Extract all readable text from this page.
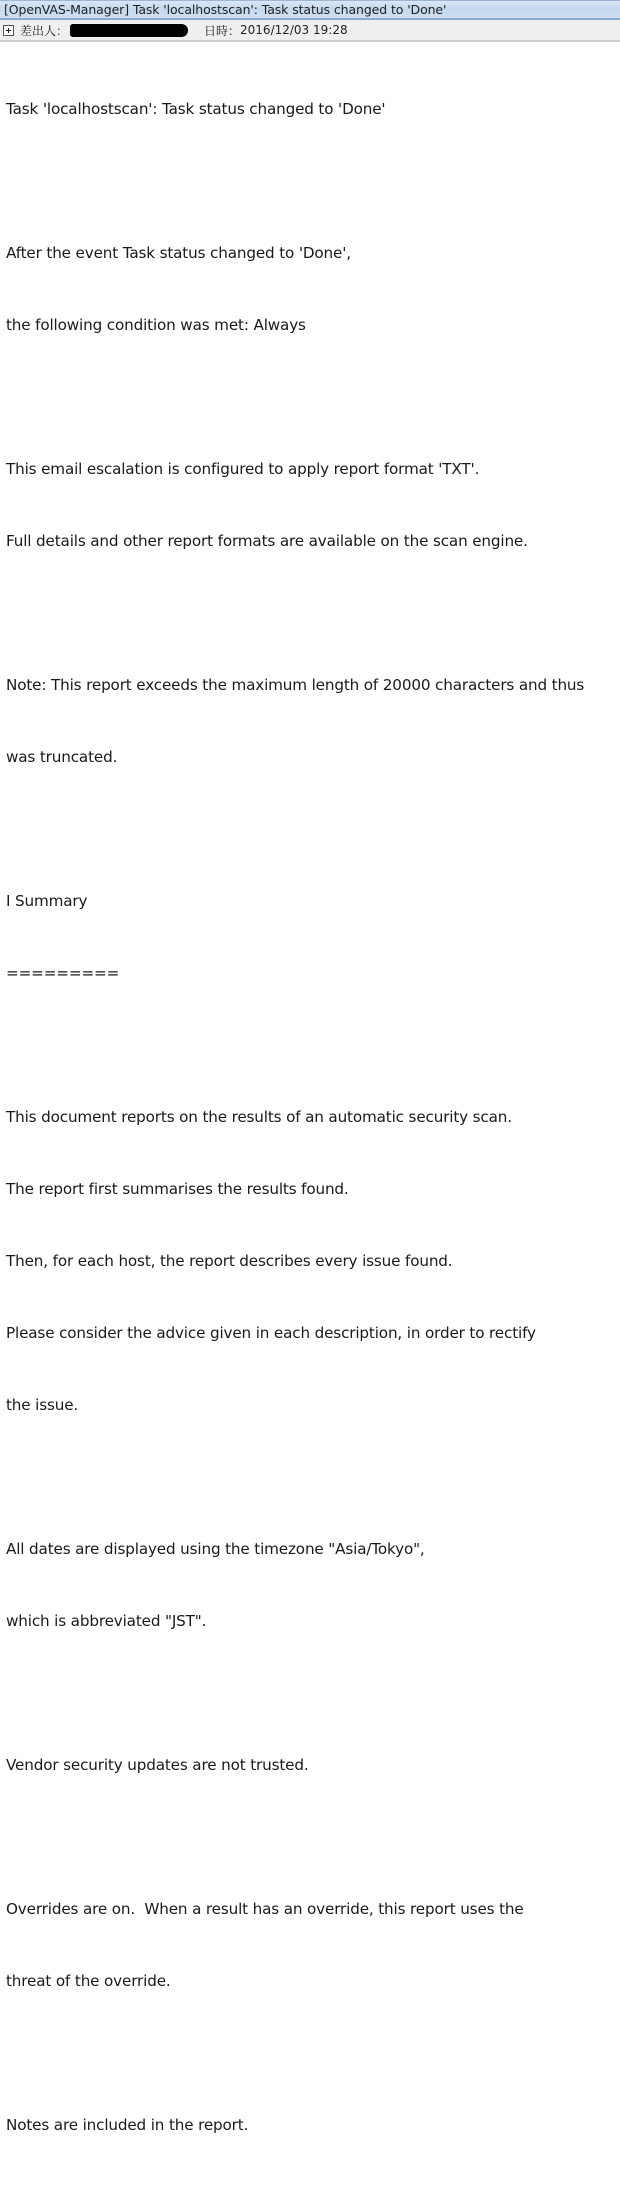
[OpenVAS-Manager] Task 'localhostscan': Task status changed to 'Done'
差出人：	日時： 2016/12/03 19:28

Task 'localhostscan': Task status changed to 'Done'

After the event Task status changed to 'Done',

the following condition was met: Always

This email escalation is configured to apply report format 'TXT'.

Full details and other report formats are available on the scan engine.

Note: This report exceeds the maximum length of 20000 characters and thus

was truncated.

I Summary

=========

This document reports on the results of an automatic security scan.

The report first summarises the results found.

Then, for each host, the report describes every issue found.

Please consider the advice given in each description, in order to rectify

the issue.

All dates are displayed using the timezone "Asia/Tokyo",

which is abbreviated "JST".

Vendor security updates are not trusted.

Overrides are on.  When a result has an override, this report uses the

threat of the override.

Notes are included in the report.
